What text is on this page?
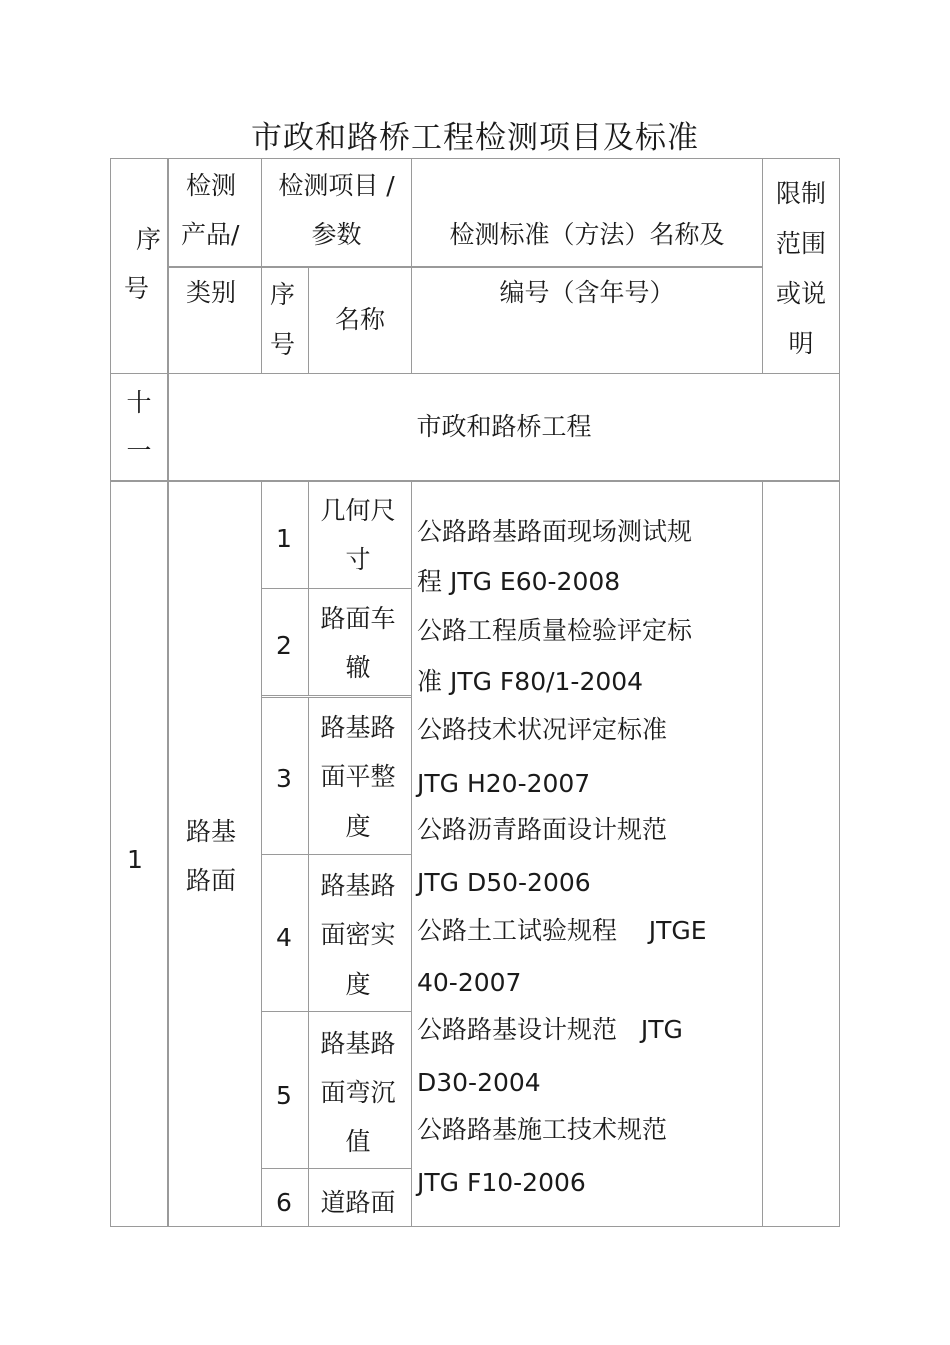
市政和路桥工程检测项目及标准
序
号
检测
产品/
类别
检测项目 /
参数
序
号
名称
检测标准（方法）名称及
编号（含年号）
限制
范围
或说
明
十
一
市政和路桥工程
1
路基
路面
1
几何尺
寸
2
路面车
辙
3
路基路
面平整
度
4
路基路
面密实
度
5
路基路
面弯沉
值
6	道路面
公路路基路面现场测试规
程 JTG E60-2008
公路工程质量检验评定标
准 JTG F80/1-2004
公路技术状况评定标准
JTG H20-2007
公路沥青路面设计规范
JTG D50-2006
公路土工试验规程    JTGE
40-2007
公路路基设计规范   JTG
D30-2004
公路路基施工技术规范
JTG F10-2006
